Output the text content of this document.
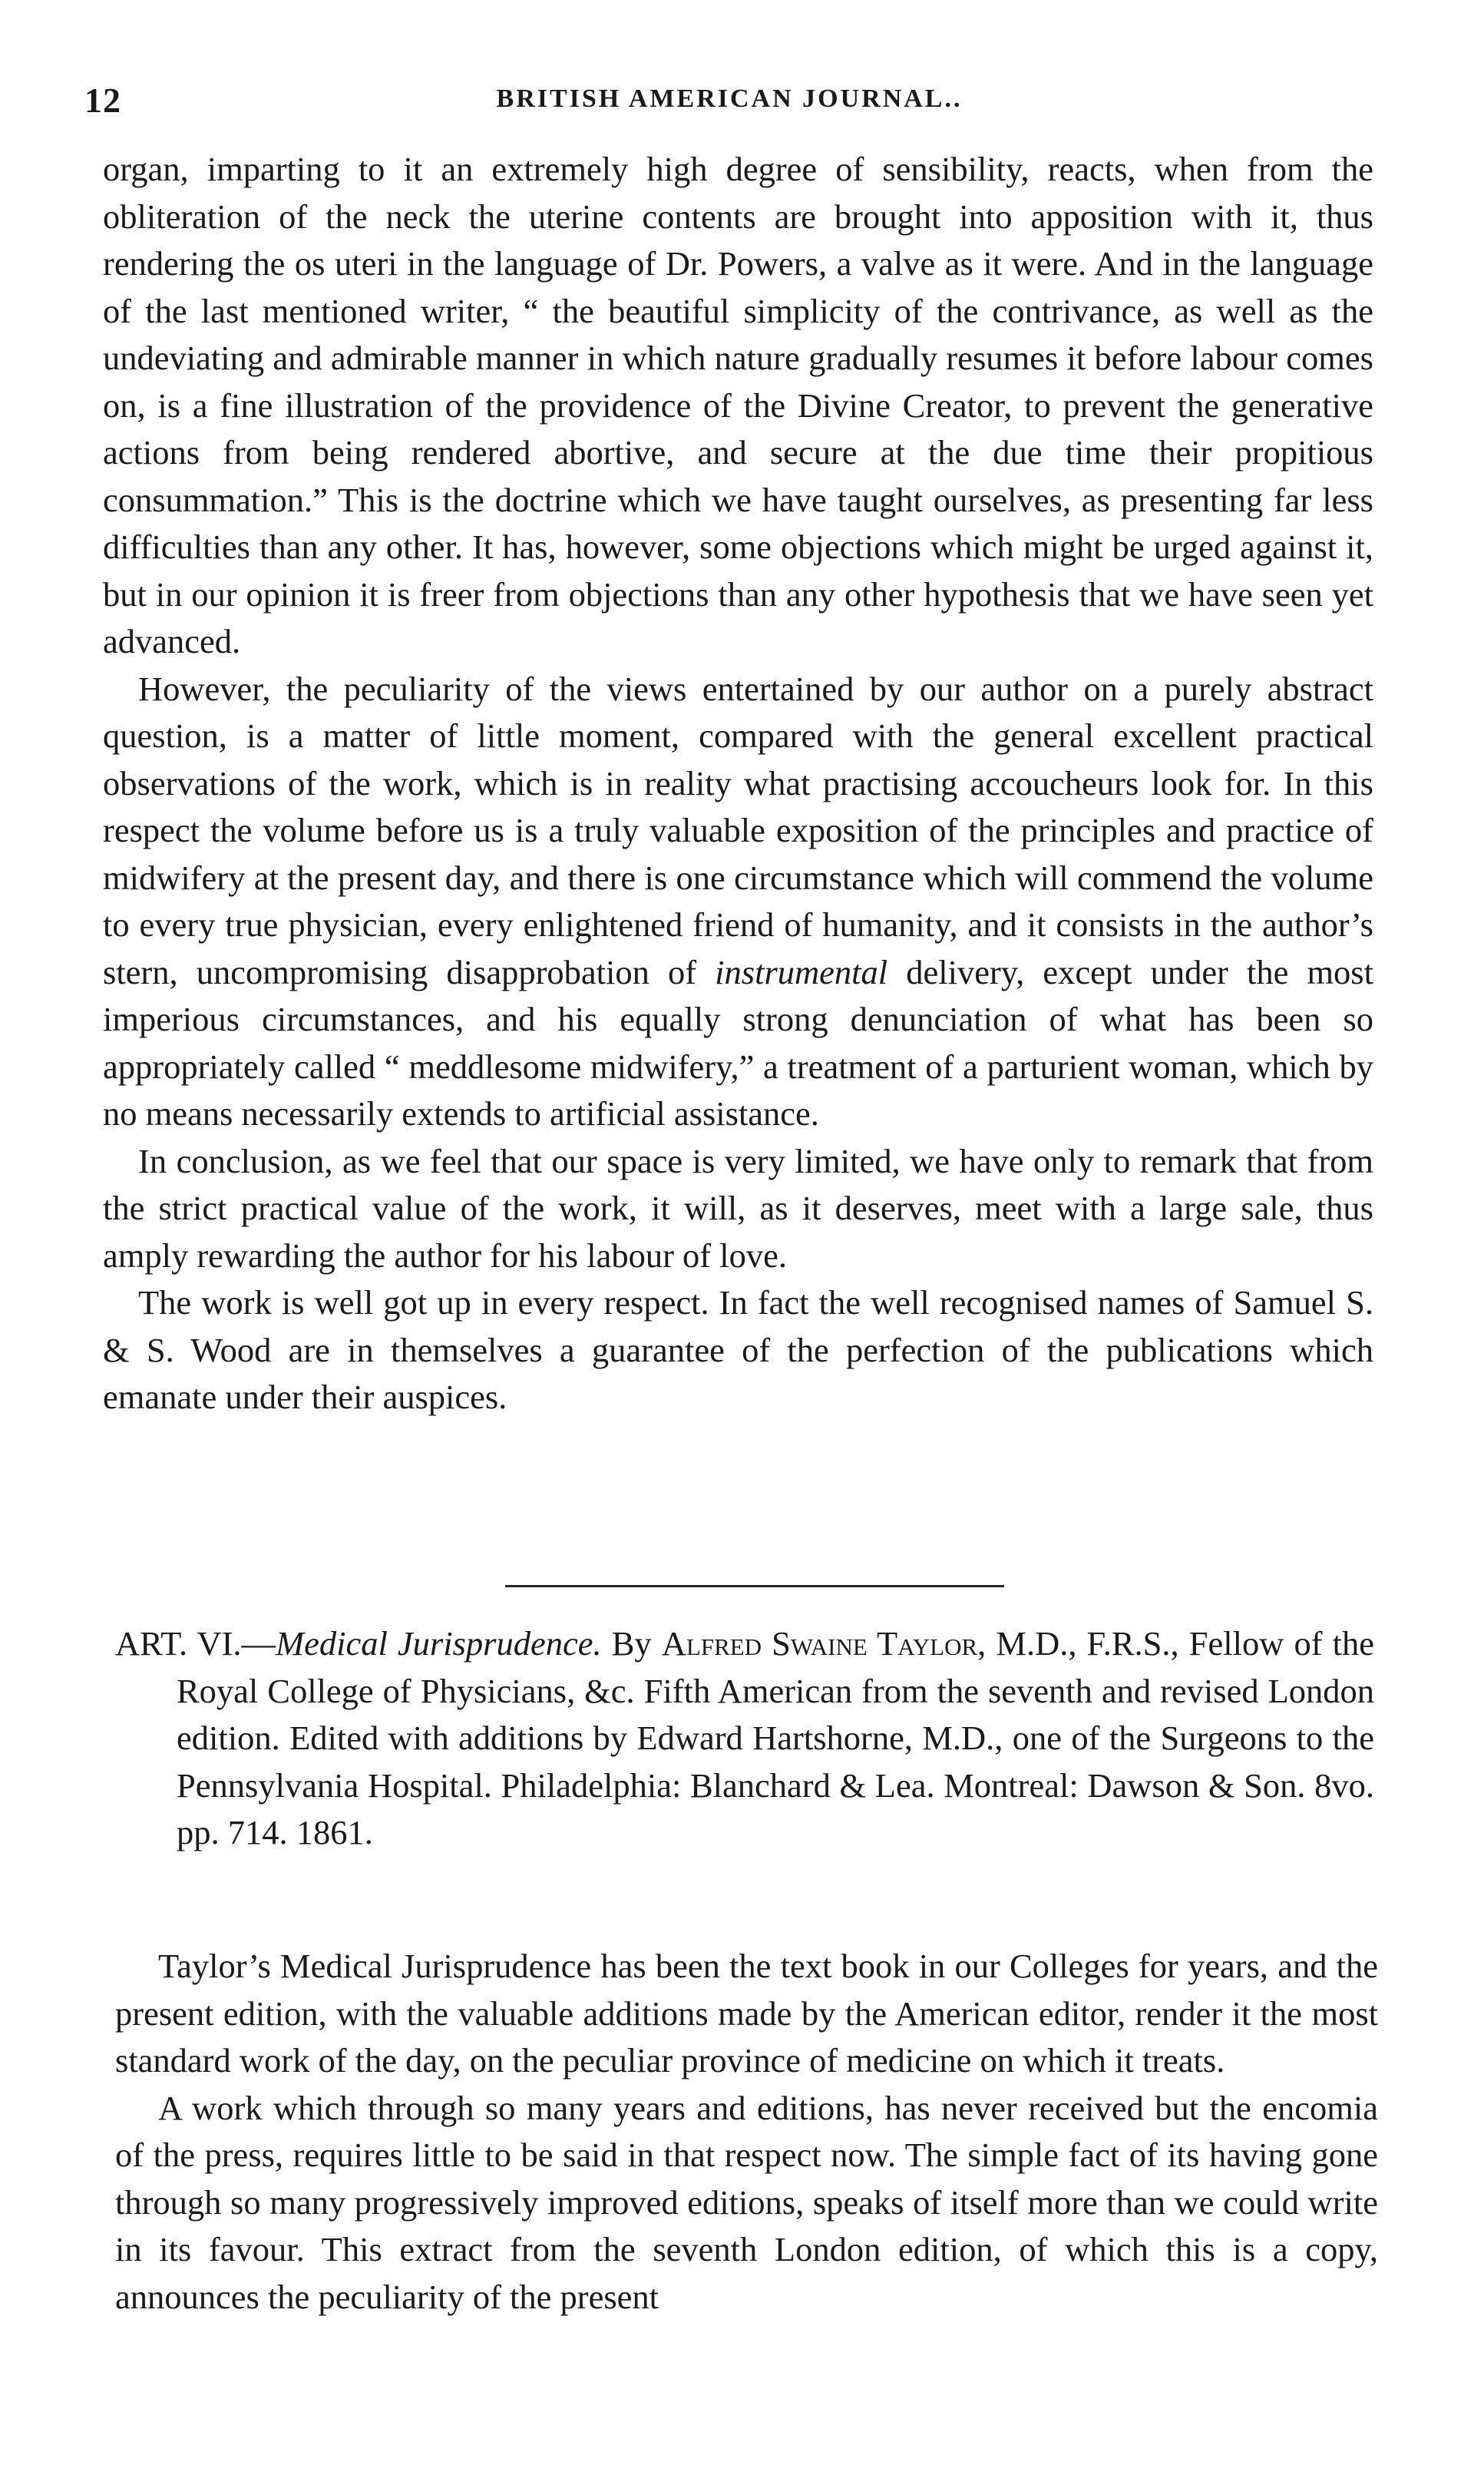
12	BRITISH AMERICAN JOURNAL..

organ, imparting to it an extremely high degree of sensibility, reacts, when from the obliteration of the neck the uterine contents are brought into apposition with it, thus rendering the os uteri in the language of Dr. Powers, a valve as it were. And in the language of the last mentioned writer, “ the beautiful simplicity of the contrivance, as well as the undeviating and admirable manner in which nature gradually resumes it before labour comes on, is a fine illustration of the providence of the Divine Creator, to prevent the generative actions from being rendered abortive, and secure at the due time their propitious consummation.” This is the doctrine which we have taught ourselves, as presenting far less difficulties than any other. It has, however, some objections which might be urged against it, but in our opinion it is freer from objections than any other hypothesis that we have seen yet advanced.

However, the peculiarity of the views entertained by our author on a purely abstract question, is a matter of little moment, compared with the general excellent practical observations of the work, which is in reality what practising accoucheurs look for. In this respect the volume before us is a truly valuable exposition of the principles and practice of midwifery at the present day, and there is one circumstance which will commend the volume to every true physician, every enlightened friend of humanity, and it consists in the author’s stern, uncompromising disapprobation of instrumental delivery, except under the most imperious circumstances, and his equally strong denunciation of what has been so appropriately called “ meddlesome midwifery,” a treatment of a parturient woman, which by no means necessarily extends to artificial assistance.

In conclusion, as we feel that our space is very limited, we have only to remark that from the strict practical value of the work, it will, as it deserves, meet with a large sale, thus amply rewarding the author for his labour of love.

The work is well got up in every respect. In fact the well recognised names of Samuel S. & S. Wood are in themselves a guarantee of the perfection of the publications which emanate under their auspices.

ART. VI.—Medical Jurisprudence. By Alfred Swaine Taylor, M.D., F.R.S., Fellow of the Royal College of Physicians, &c. Fifth American from the seventh and revised London edition. Edited with additions by Edward Hartshorne, M.D., one of the Surgeons to the Pennsylvania Hospital. Philadelphia: Blanchard & Lea. Montreal: Dawson & Son. 8vo. pp. 714. 1861.

Taylor’s Medical Jurisprudence has been the text book in our Colleges for years, and the present edition, with the valuable additions made by the American editor, render it the most standard work of the day, on the peculiar province of medicine on which it treats.

A work which through so many years and editions, has never received but the encomia of the press, requires little to be said in that respect now. The simple fact of its having gone through so many progressively improved editions, speaks of itself more than we could write in its favour. This extract from the seventh London edition, of which this is a copy, announces the peculiarity of the present
